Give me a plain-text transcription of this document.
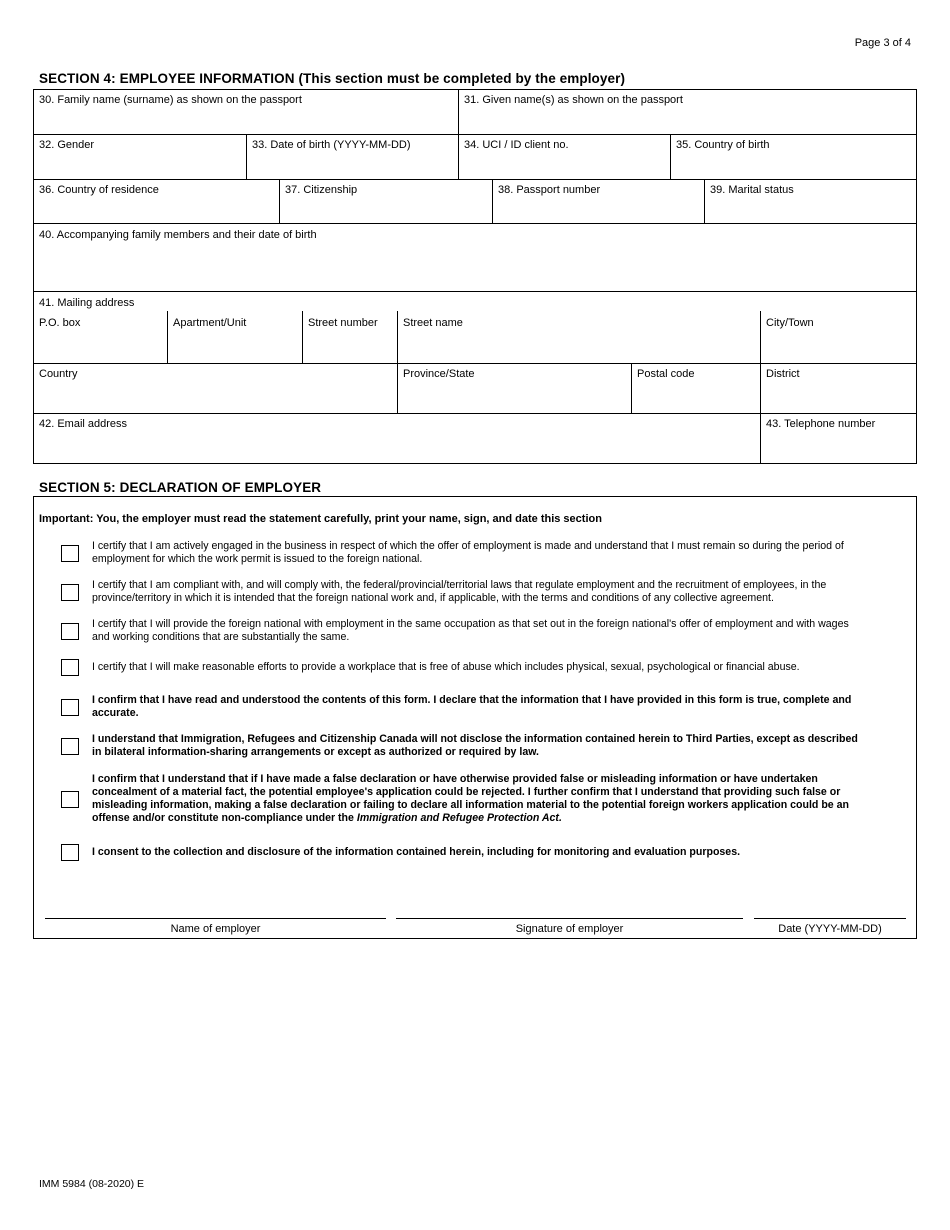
Page 3 of 4
SECTION 4: EMPLOYEE INFORMATION (This section must be completed by the employer)
30. Family name (surname) as shown on the passport	31. Given name(s) as shown on the passport
32. Gender	33. Date of birth (YYYY-MM-DD)	34. UCI / ID client no.	35. Country of birth
36. Country of residence	37. Citizenship	38. Passport number	39. Marital status
40. Accompanying family members and their date of birth
41. Mailing address
P.O. box	Apartment/Unit	Street number	Street name	City/Town
Country	Province/State	Postal code	District
42. Email address	43. Telephone number
SECTION 5: DECLARATION OF EMPLOYER
I certify that I am actively engaged in the business in respect of which the offer of employment is made and understand that I must remain so during the period of employment for which the work permit is issued to the foreign national.
I certify that I am compliant with, and will comply with, the federal/provincial/territorial laws that regulate employment and the recruitment of employees, in the province/territory in which it is intended that the foreign national work and, if applicable, with the terms and conditions of any collective agreement.
I certify that I will provide the foreign national with employment in the same occupation as that set out in the foreign national's offer of employment and with wages and working conditions that are substantially the same.
I certify that I will make reasonable efforts to provide a workplace that is free of abuse which includes physical, sexual, psychological or financial abuse.
I confirm that I have read and understood the contents of this form. I declare that the information that I have provided in this form is true, complete and accurate.
I understand that Immigration, Refugees and Citizenship Canada will not disclose the information contained herein to Third Parties, except as described in bilateral information-sharing arrangements or except as authorized or required by law.
I confirm that I understand that if I have made a false declaration or have otherwise provided false or misleading information or have undertaken concealment of a material fact, the potential employee's application could be rejected. I further confirm that I understand that providing such false or misleading information, making a false declaration or failing to declare all information material to the potential foreign workers application could be an offense and/or constitute non-compliance under the Immigration and Refugee Protection Act.
I consent to the collection and disclosure of the information contained herein, including for monitoring and evaluation purposes.
Important: You, the employer must read the statement carefully, print your name, sign, and date this section
Name of employer	Signature of employer	Date (YYYY-MM-DD)
IMM 5984 (08-2020) E
